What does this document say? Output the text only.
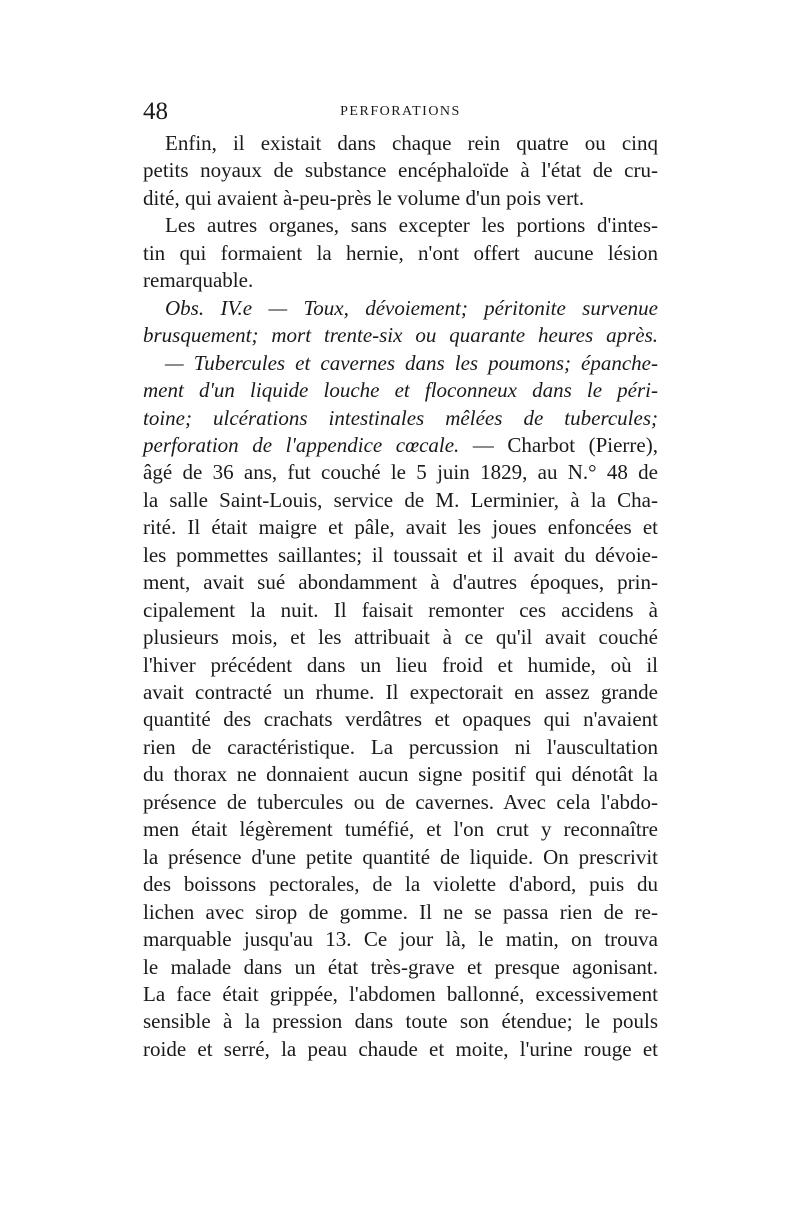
48	PERFORATIONS
Enfin, il existait dans chaque rein quatre ou cinq
petits noyaux de substance encéphaloïde à l'état de cru-
dité, qui avaient à-peu-près le volume d'un pois vert.
Les autres organes, sans excepter les portions d'intes-
tin qui formaient la hernie, n'ont offert aucune lésion
remarquable.
Obs. IV.e — Toux, dévoiement; péritonite survenue
brusquement; mort trente-six ou quarante heures après.
— Tubercules et cavernes dans les poumons; épanche-
ment d'un liquide louche et floconneux dans le péri-
toine; ulcérations intestinales mêlées de tubercules;
perforation de l'appendice cœcale. — Charbot (Pierre),
âgé de 36 ans, fut couché le 5 juin 1829, au N.° 48 de
la salle Saint-Louis, service de M. Lerminier, à la Cha-
rité. Il était maigre et pâle, avait les joues enfoncées et
les pommettes saillantes; il toussait et il avait du dévoie-
ment, avait sué abondamment à d'autres époques, prin-
cipalement la nuit. Il faisait remonter ces accidens à
plusieurs mois, et les attribuait à ce qu'il avait couché
l'hiver précédent dans un lieu froid et humide, où il
avait contracté un rhume. Il expectorait en assez grande
quantité des crachats verdâtres et opaques qui n'avaient
rien de caractéristique. La percussion ni l'auscultation
du thorax ne donnaient aucun signe positif qui dénotât la
présence de tubercules ou de cavernes. Avec cela l'abdo-
men était légèrement tuméfié, et l'on crut y reconnaître
la présence d'une petite quantité de liquide. On prescrivit
des boissons pectorales, de la violette d'abord, puis du
lichen avec sirop de gomme. Il ne se passa rien de re-
marquable jusqu'au 13. Ce jour là, le matin, on trouva
le malade dans un état très-grave et presque agonisant.
La face était grippée, l'abdomen ballonné, excessivement
sensible à la pression dans toute son étendue; le pouls
roide et serré, la peau chaude et moite, l'urine rouge et
